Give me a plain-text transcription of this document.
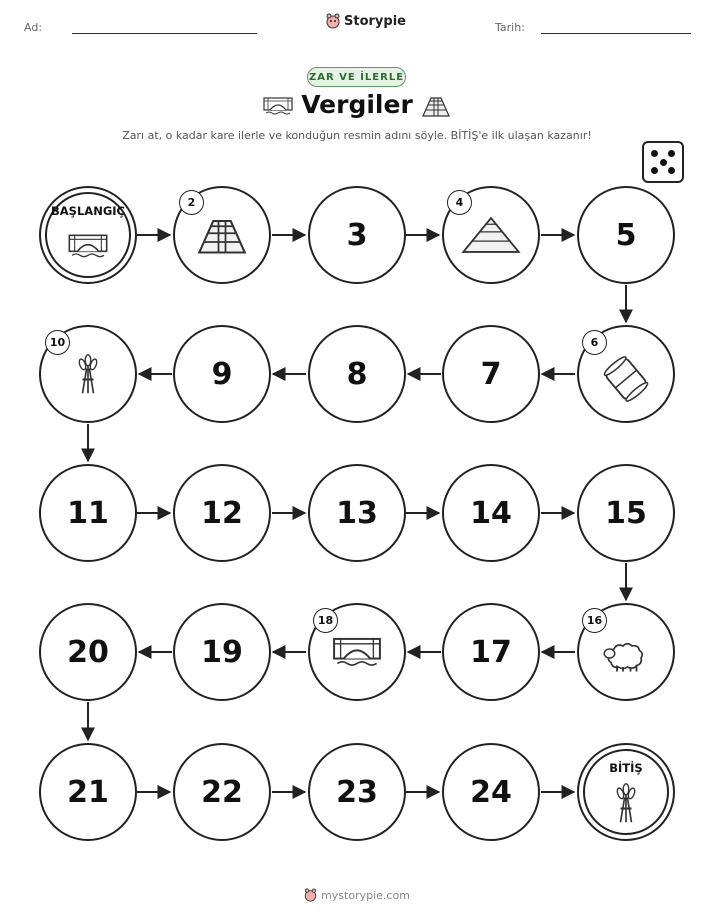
Ad:	Storypie	Tarih:
ZAR VE İLERLE
Vergiler
Zarı at, o kadar kare ilerle ve konduğun resmin adını söyle. BİTİŞ'e ilk ulaşan kazanır!
BAŞLANGIÇ
2
3
4
5
10
9	8	7
6
11	12	13	14	15
20	19
18
17
16
21	22	23	24
BİTİŞ
mystorypie.com
